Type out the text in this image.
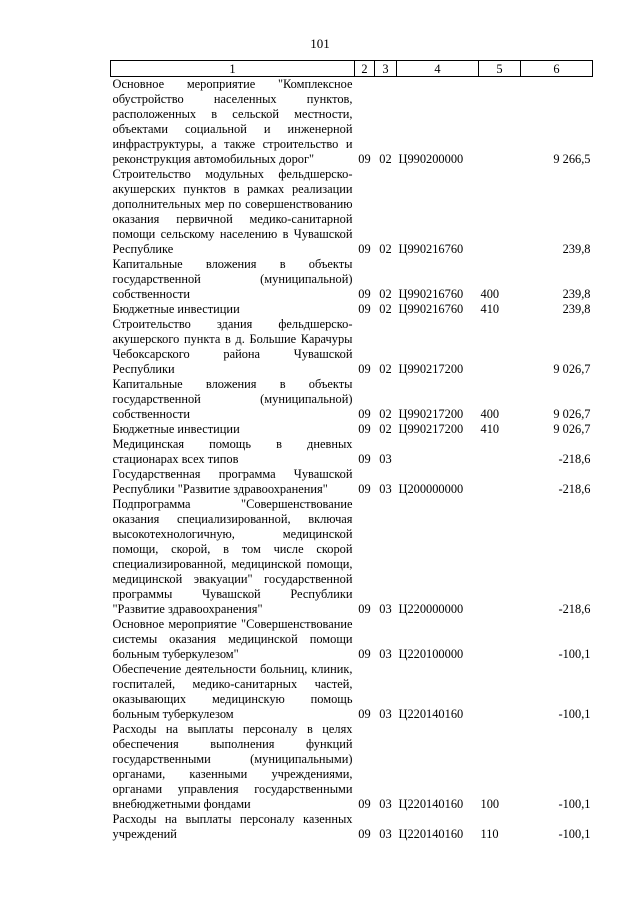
101
1	2	3	4	5	6
Основное мероприятие "Комплексное обустройство населенных пунктов, расположенных в сельской местности, объектами социальной и инженерной инфраструктуры, а также строительство и реконструкция автомобильных дорог"	09	02	Ц990200000		9 266,5
Строительство модульных фельдшерско-акушерских пунктов в рамках реализации дополнительных мер по совершенствованию оказания первичной медико-санитарной помощи сельскому населению в Чувашской Республике	09	02	Ц990216760		239,8
Капитальные вложения в объекты государственной (муниципальной) собственности	09	02	Ц990216760	400	239,8
Бюджетные инвестиции	09	02	Ц990216760	410	239,8
Строительство здания фельдшерско-акушерского пункта в д. Большие Карачуры Чебоксарского района Чувашской Республики	09	02	Ц990217200		9 026,7
Капитальные вложения в объекты государственной (муниципальной) собственности	09	02	Ц990217200	400	9 026,7
Бюджетные инвестиции	09	02	Ц990217200	410	9 026,7
Медицинская помощь в дневных стационарах всех типов	09	03			-218,6
Государственная программа Чувашской Республики "Развитие здравоохранения"	09	03	Ц200000000		-218,6
Подпрограмма "Совершенствование оказания специализированной, включая высокотехнологичную, медицинской помощи, скорой, в том числе скорой специализированной, медицинской помощи, медицинской эвакуации" государственной программы Чувашской Республики "Развитие здравоохранения"	09	03	Ц220000000		-218,6
Основное мероприятие "Совершенствование системы оказания медицинской помощи больным туберкулезом"	09	03	Ц220100000		-100,1
Обеспечение деятельности больниц, клиник, госпиталей, медико-санитарных частей, оказывающих медицинскую помощь больным туберкулезом	09	03	Ц220140160		-100,1
Расходы на выплаты персоналу в целях обеспечения выполнения функций государственными (муниципальными) органами, казенными учреждениями, органами управления государственными внебюджетными фондами	09	03	Ц220140160	100	-100,1
Расходы на выплаты персоналу казенных учреждений	09	03	Ц220140160	110	-100,1
